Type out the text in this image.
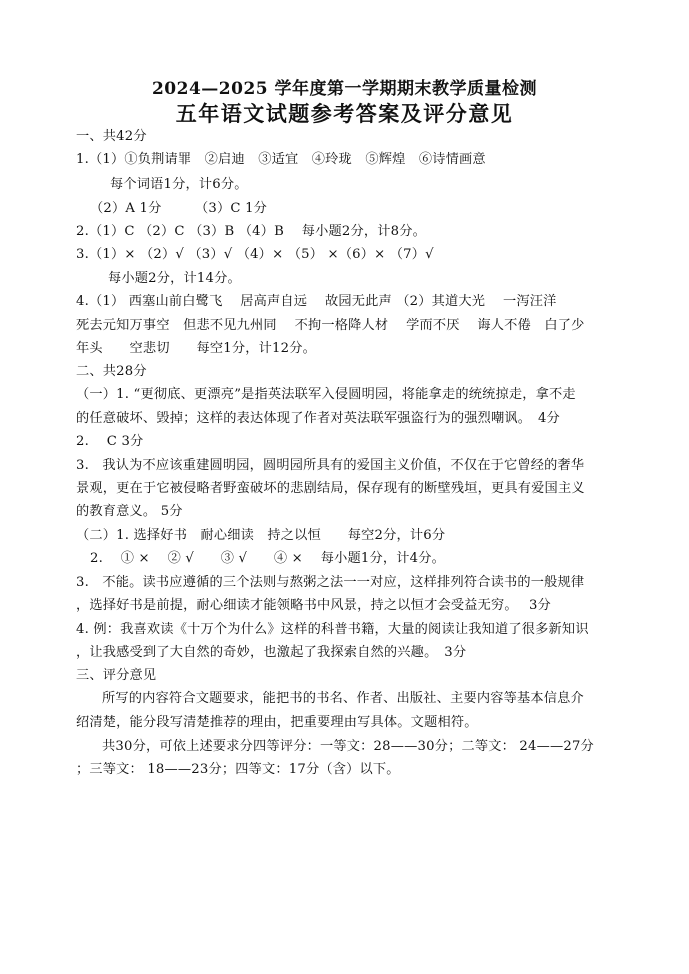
2024—2025 学年度第一学期期末教学质量检测
五年语文试题参考答案及评分意见
一、共42分
1.（1）①负荆请罪　②启迪　③适宜　④玲珑　⑤辉煌　⑥诗情画意
每个词语1分，计6分。
（2）A 1分　　　（3）C 1分
2.（1）C （2）C （3）B （4）B　 每小题2分，计8分。
3.（1）× （2）√ （3）√ （4）× （5） ×（6）× （7）√
每小题2分，计14分。
4.（1） 西塞山前白鹭飞　 居高声自远　 故园无此声 （2）其道大光　 一泻汪洋
死去元知万事空　但悲不见九州同　 不拘一格降人材　 学而不厌　 诲人不倦　白了少
年头　　空悲切　　每空1分，计12分。
二、共28分
（一）1. “更彻底、更漂亮”是指英法联军入侵圆明园，将能拿走的统统掠走，拿不走
的任意破坏、毁掉；这样的表达体现了作者对英法联军强盗行为的强烈嘲讽。　4分
2.　 C 3分
3.　我认为不应该重建圆明园，圆明园所具有的爱国主义价值，不仅在于它曾经的奢华
景观，更在于它被侵略者野蛮破坏的悲剧结局，保存现有的断壁残垣，更具有爱国主义
的教育意义。 5分
（二）1. 选择好书　耐心细读　持之以恒　　每空2分，计6分
2.　 ① ×　 ② √　　③ √　　④ ×　 每小题1分，计4分。
3.　不能。读书应遵循的三个法则与熬粥之法一一对应，这样排列符合读书的一般规律
，选择好书是前提，耐心细读才能领略书中风景，持之以恒才会受益无穷。　 3分
4. 例：我喜欢读《十万个为什么》这样的科普书籍，大量的阅读让我知道了很多新知识
，让我感受到了大自然的奇妙，也激起了我探索自然的兴趣。　3分
三、评分意见
所写的内容符合文题要求，能把书的书名、作者、出版社、主要内容等基本信息介
绍清楚，能分段写清楚推荐的理由，把重要理由写具体。文题相符。
共30分，可依上述要求分四等评分：一等文：28——30分；二等文： 24——27分
；三等文： 18——23分；四等文：17分（含）以下。
